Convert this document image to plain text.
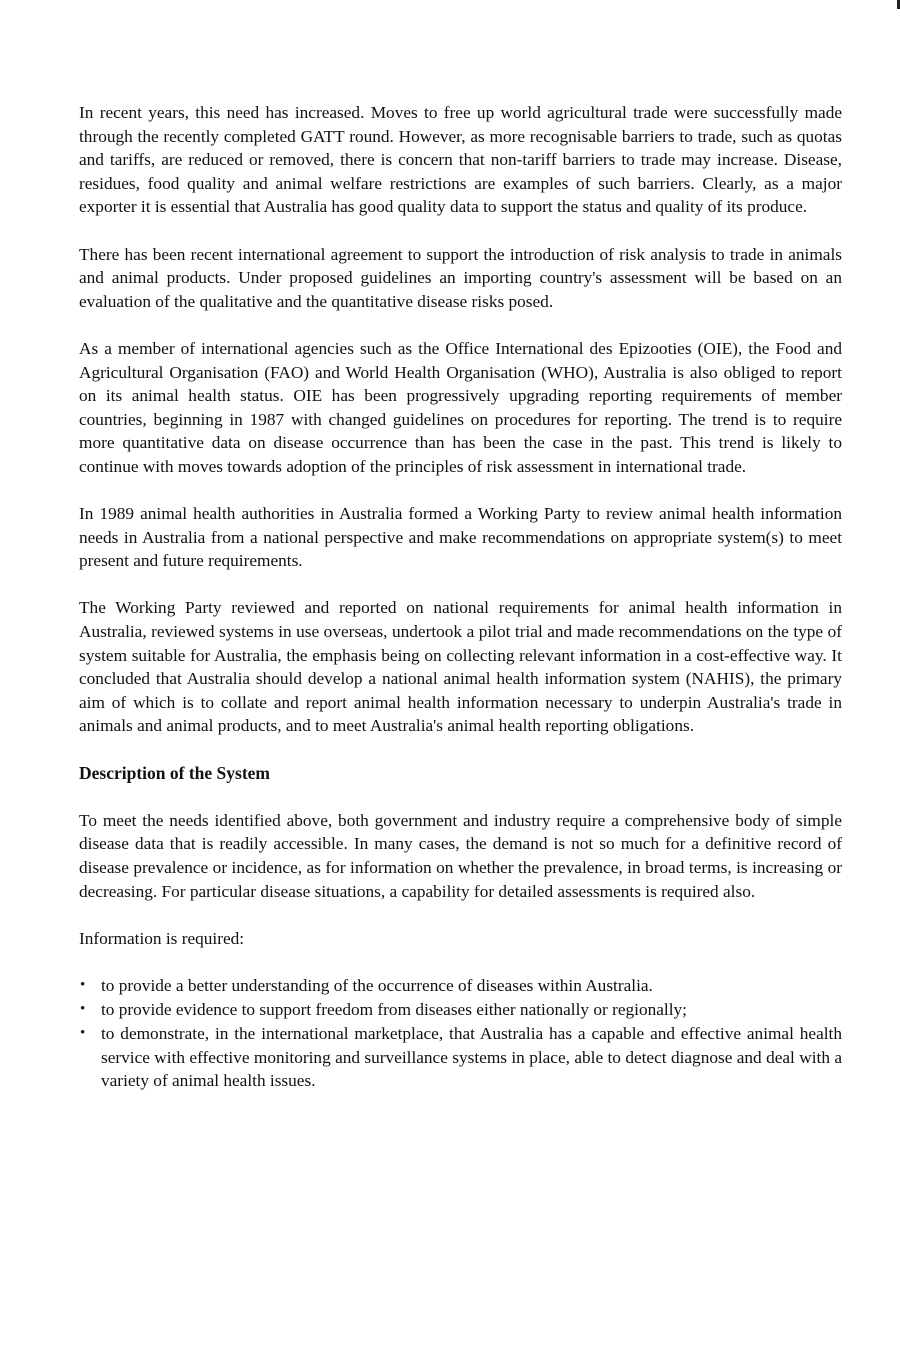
In recent years, this need has increased. Moves to free up world agricultural trade were successfully made through the recently completed GATT round. However, as more recognisable barriers to trade, such as quotas and tariffs, are reduced or removed, there is concern that non-tariff barriers to trade may increase. Disease, residues, food quality and animal welfare restrictions are examples of such barriers. Clearly, as a major exporter it is essential that Australia has good quality data to support the status and quality of its produce.

There has been recent international agreement to support the introduction of risk analysis to trade in animals and animal products. Under proposed guidelines an importing country's assessment will be based on an evaluation of the qualitative and the quantitative disease risks posed.

As a member of international agencies such as the Office International des Epizooties (OIE), the Food and Agricultural Organisation (FAO) and World Health Organisation (WHO), Australia is also obliged to report on its animal health status. OIE has been progressively upgrading reporting requirements of member countries, beginning in 1987 with changed guidelines on procedures for reporting. The trend is to require more quantitative data on disease occurrence than has been the case in the past. This trend is likely to continue with moves towards adoption of the principles of risk assessment in international trade.

In 1989 animal health authorities in Australia formed a Working Party to review animal health information needs in Australia from a national perspective and make recommendations on appropriate system(s) to meet present and future requirements.

The Working Party reviewed and reported on national requirements for animal health information in Australia, reviewed systems in use overseas, undertook a pilot trial and made recommendations on the type of system suitable for Australia, the emphasis being on collecting relevant information in a cost-effective way. It concluded that Australia should develop a national animal health information system (NAHIS), the primary aim of which is to collate and report animal health information necessary to underpin Australia's trade in animals and animal products, and to meet Australia's animal health reporting obligations.

Description of the System

To meet the needs identified above, both government and industry require a comprehensive body of simple disease data that is readily accessible. In many cases, the demand is not so much for a definitive record of disease prevalence or incidence, as for information on whether the prevalence, in broad terms, is increasing or decreasing. For particular disease situations, a capability for detailed assessments is required also.

Information is required:

• to provide a better understanding of the occurrence of diseases within Australia.
• to provide evidence to support freedom from diseases either nationally or regionally;
• to demonstrate, in the international marketplace, that Australia has a capable and effective animal health service with effective monitoring and surveillance systems in place, able to detect diagnose and deal with a variety of animal health issues.
